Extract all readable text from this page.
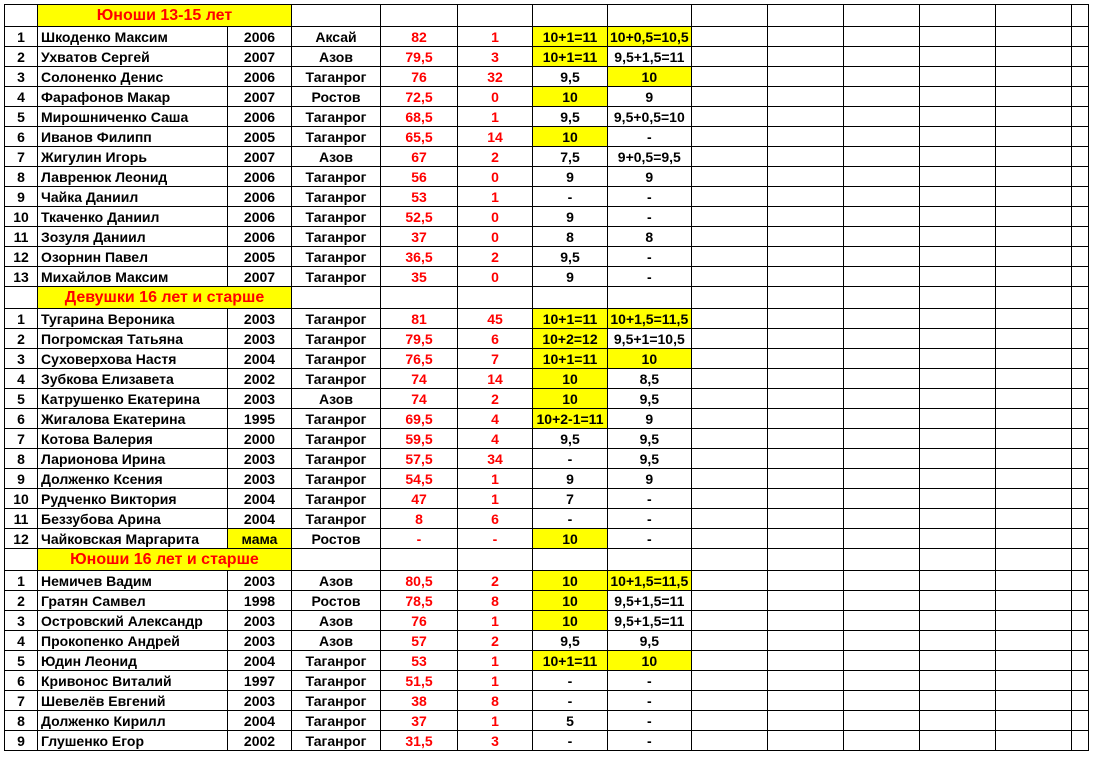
	Юноши 13-15 лет												
1	Шкоденко Максим	2006	Аксай	82	1	10+1=11	10+0,5=10,5						
2	Ухватов Сергей	2007	Азов	79,5	3	10+1=11	9,5+1,5=11						
3	Солоненко Денис	2006	Таганрог	76	32	9,5	10						
4	Фарафонов Макар	2007	Ростов	72,5	0	10	9						
5	Мирошниченко Саша	2006	Таганрог	68,5	1	9,5	9,5+0,5=10						
6	Иванов Филипп	2005	Таганрог	65,5	14	10	-						
7	Жигулин Игорь	2007	Азов	67	2	7,5	9+0,5=9,5						
8	Лавренюк Леонид	2006	Таганрог	56	0	9	9						
9	Чайка Даниил	2006	Таганрог	53	1	-	-						
10	Ткаченко Даниил	2006	Таганрог	52,5	0	9	-						
11	Зозуля Даниил	2006	Таганрог	37	0	8	8						
12	Озорнин Павел	2005	Таганрог	36,5	2	9,5	-						
13	Михайлов Максим	2007	Таганрог	35	0	9	-						
	Девушки 16 лет и старше												
1	Тугарина Вероника	2003	Таганрог	81	45	10+1=11	10+1,5=11,5						
2	Погромская Татьяна	2003	Таганрог	79,5	6	10+2=12	9,5+1=10,5						
3	Суховерхова Настя	2004	Таганрог	76,5	7	10+1=11	10						
4	Зубкова Елизавета	2002	Таганрог	74	14	10	8,5						
5	Катрушенко Екатерина	2003	Азов	74	2	10	9,5						
6	Жигалова Екатерина	1995	Таганрог	69,5	4	10+2-1=11	9						
7	Котова Валерия	2000	Таганрог	59,5	4	9,5	9,5						
8	Ларионова Ирина	2003	Таганрог	57,5	34	-	9,5						
9	Долженко Ксения	2003	Таганрог	54,5	1	9	9						
10	Рудченко Виктория	2004	Таганрог	47	1	7	-						
11	Беззубова Арина	2004	Таганрог	8	6	-	-						
12	Чайковская Маргарита	мама	Ростов	-	-	10	-						
	Юноши 16 лет и старше												
1	Немичев Вадим	2003	Азов	80,5	2	10	10+1,5=11,5						
2	Гратян Самвел	1998	Ростов	78,5	8	10	9,5+1,5=11						
3	Островский Александр	2003	Азов	76	1	10	9,5+1,5=11						
4	Прокопенко Андрей	2003	Азов	57	2	9,5	9,5						
5	Юдин Леонид	2004	Таганрог	53	1	10+1=11	10						
6	Кривонос Виталий	1997	Таганрог	51,5	1	-	-						
7	Шевелёв Евгений	2003	Таганрог	38	8	-	-						
8	Долженко Кирилл	2004	Таганрог	37	1	5	-						
9	Глушенко Егор	2002	Таганрог	31,5	3	-	-						
